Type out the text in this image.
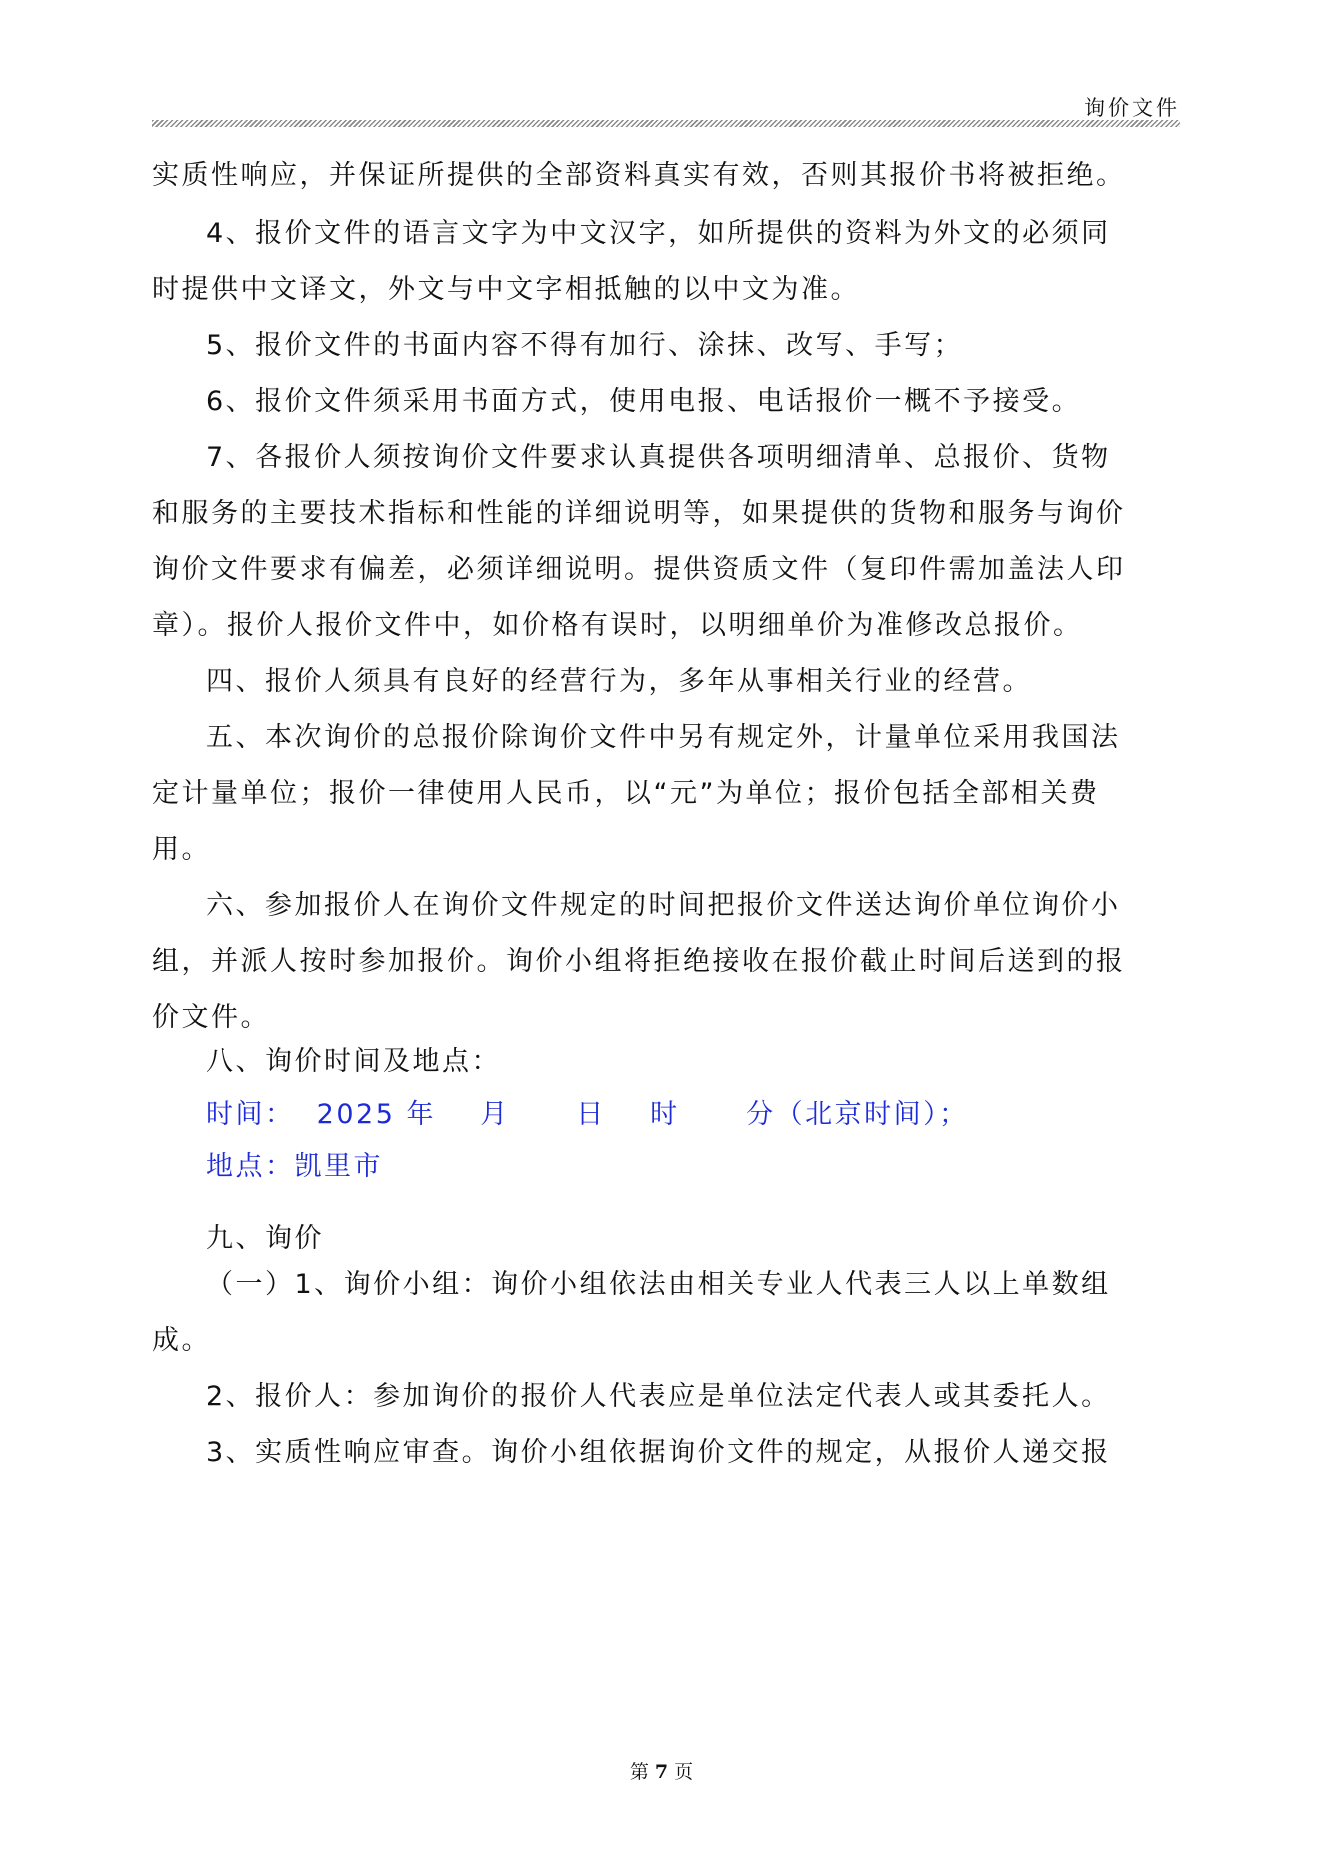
询价文件

实质性响应，并保证所提供的全部资料真实有效，否则其报价书将被拒绝。

4、报价文件的语言文字为中文汉字，如所提供的资料为外文的必须同

时提供中文译文，外文与中文字相抵触的以中文为准。

5、报价文件的书面内容不得有加行、涂抹、改写、手写；

6、报价文件须采用书面方式，使用电报、电话报价一概不予接受。

7、各报价人须按询价文件要求认真提供各项明细清单、总报价、货物

和服务的主要技术指标和性能的详细说明等，如果提供的货物和服务与询价

询价文件要求有偏差，必须详细说明。提供资质文件（复印件需加盖法人印

章）。报价人报价文件中，如价格有误时，以明细单价为准修改总报价。

四、报价人须具有良好的经营行为，多年从事相关行业的经营。

五、本次询价的总报价除询价文件中另有规定外，计量单位采用我国法

定计量单位；报价一律使用人民币，以“元”为单位；报价包括全部相关费

用。

六、参加报价人在询价文件规定的时间把报价文件送达询价单位询价小

组，并派人按时参加报价。询价小组将拒绝接收在报价截止时间后送到的报

价文件。

八、询价时间及地点：

时间：  2025 年    月      日    时      分（北京时间）；

地点：凯里市

九、询价

（一）1、询价小组：询价小组依法由相关专业人代表三人以上单数组

成。

2、报价人：参加询价的报价人代表应是单位法定代表人或其委托人。

3、实质性响应审查。询价小组依据询价文件的规定，从报价人递交报

第 7 页
